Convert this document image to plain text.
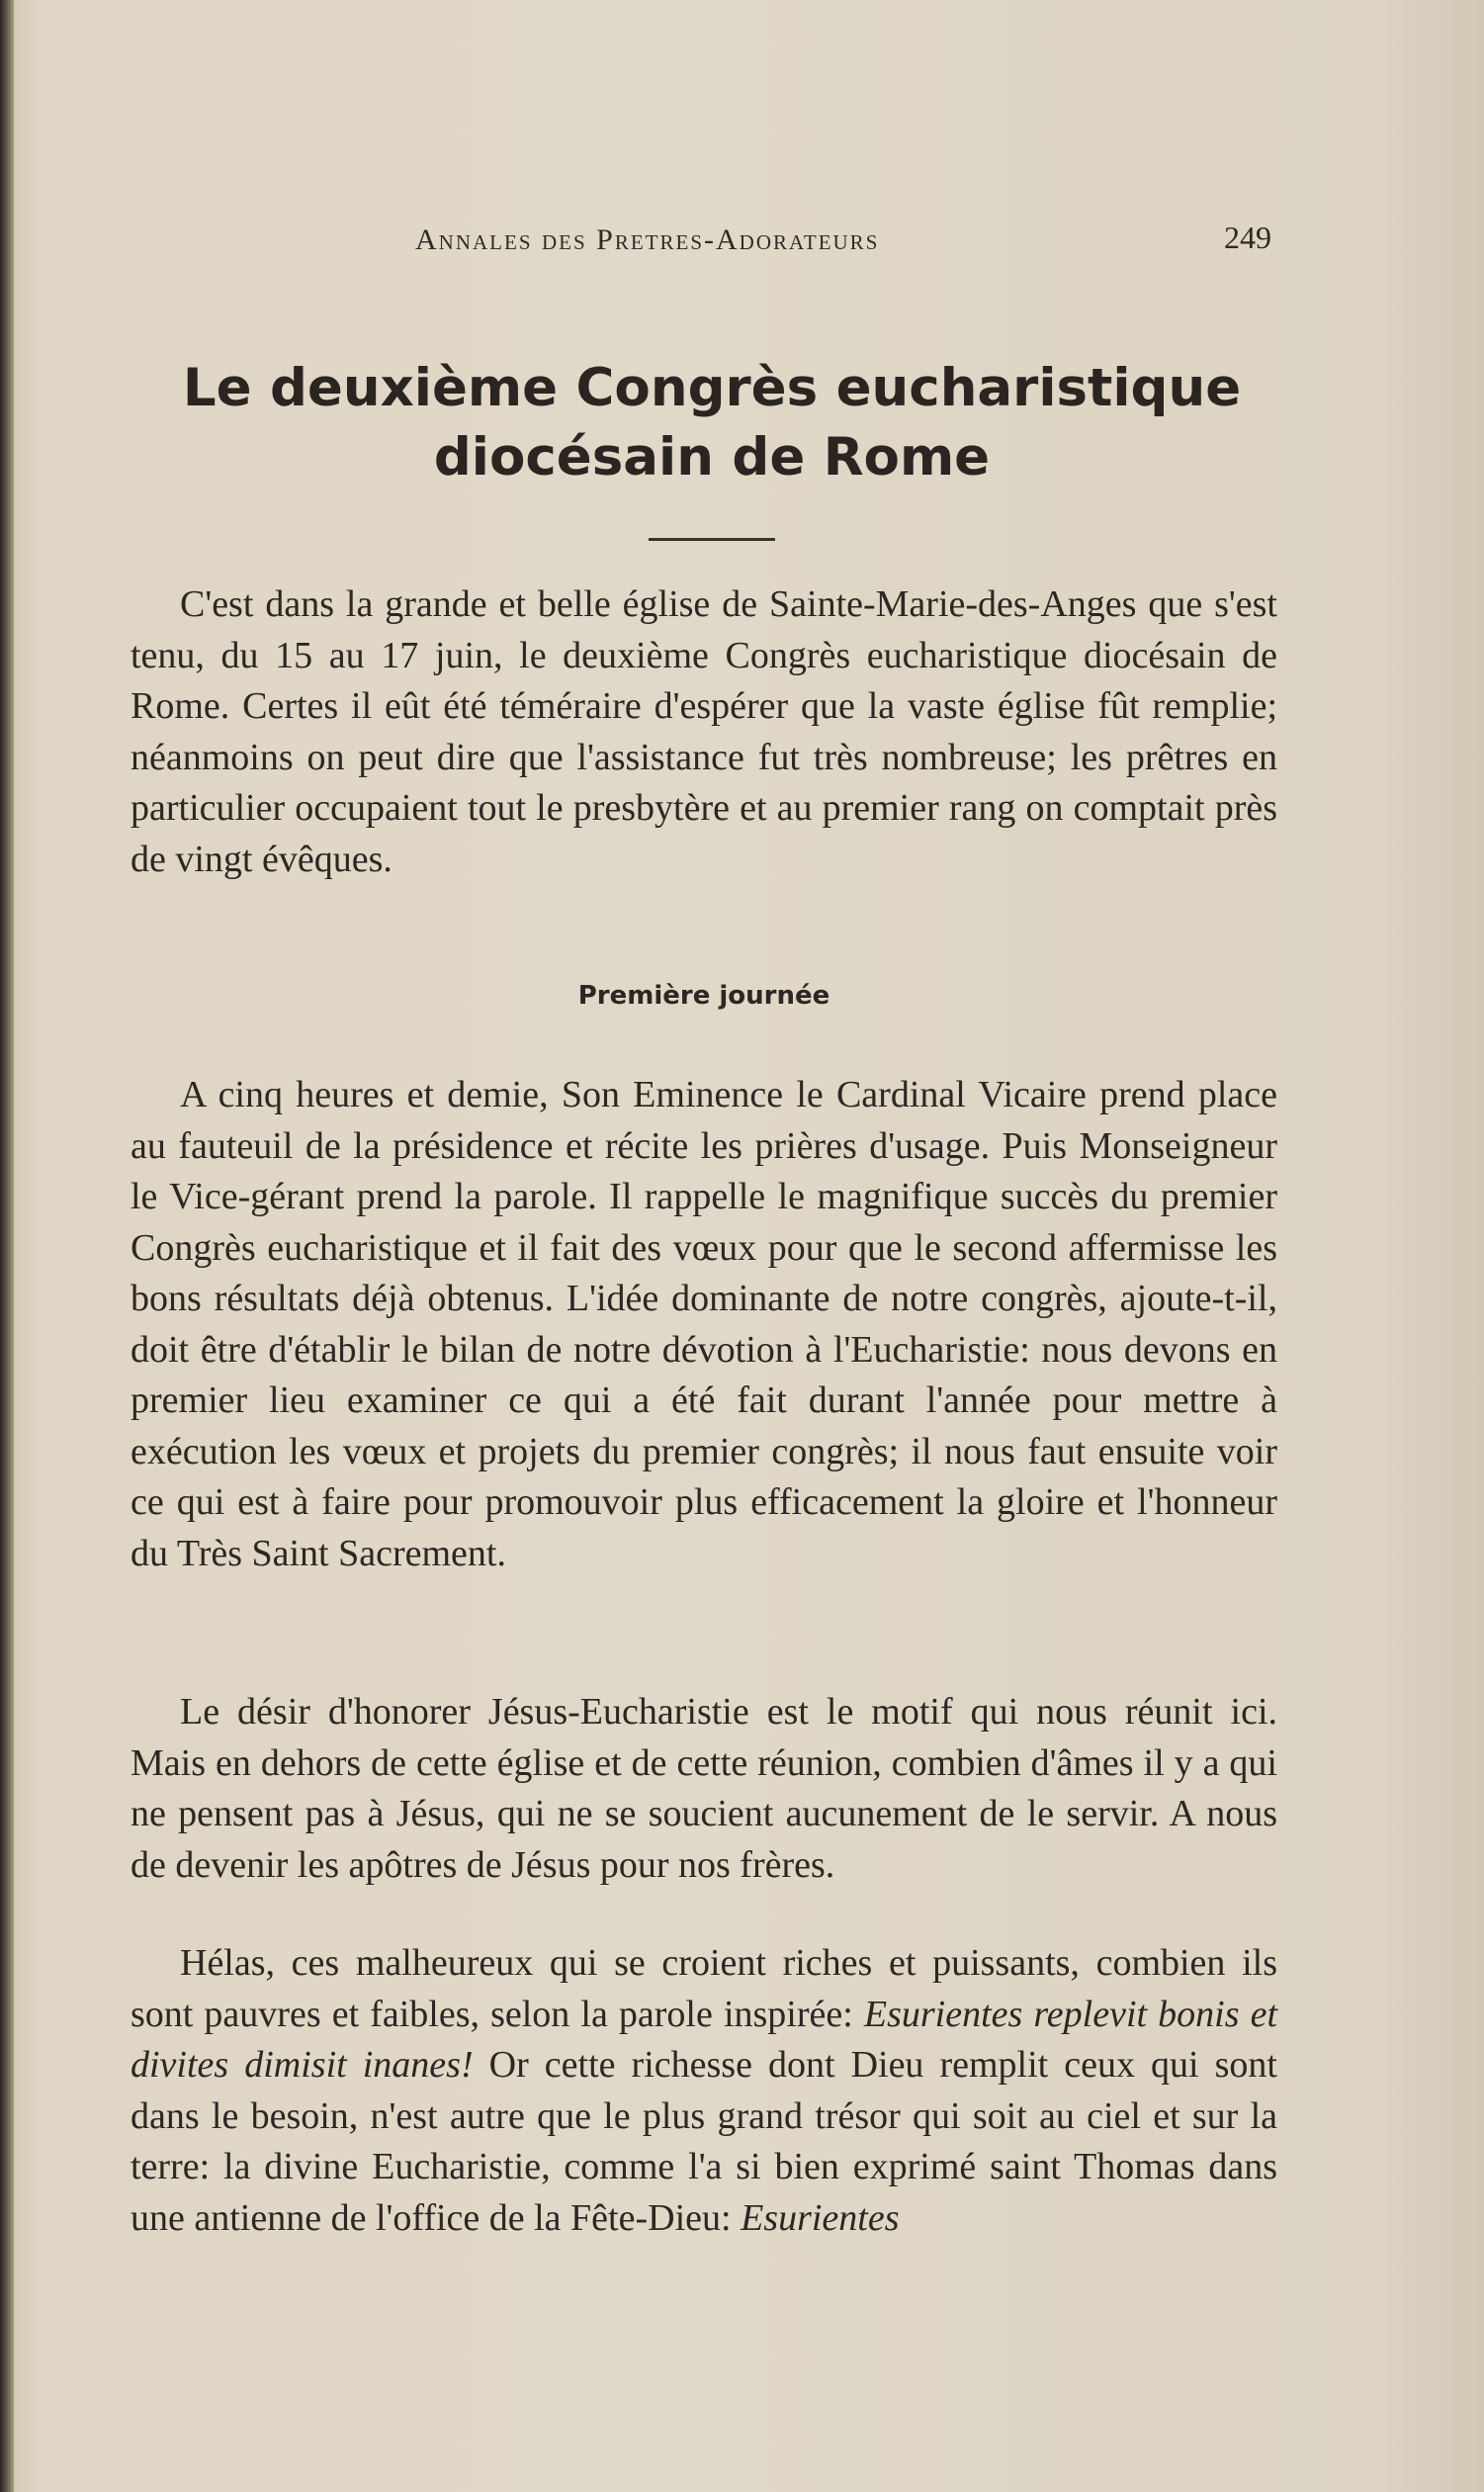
Annales des Pretres-Adorateurs	249
Le deuxième Congrès eucharistique
diocésain de Rome

C'est dans la grande et belle église de Sainte-Marie-des-Anges que s'est tenu, du 15 au 17 juin, le deuxième Congrès eucharistique diocésain de Rome. Certes il eût été téméraire d'espérer que la vaste église fût remplie; néanmoins on peut dire que l'assistance fut très nombreuse; les prêtres en particulier occupaient tout le presbytère et au premier rang on comptait près de vingt évêques.

Première journée

A cinq heures et demie, Son Eminence le Cardinal Vicaire prend place au fauteuil de la présidence et récite les prières d'usage. Puis Monseigneur le Vice-gérant prend la parole. Il rappelle le magnifique succès du premier Congrès eucharistique et il fait des vœux pour que le second affermisse les bons résultats déjà obtenus. L'idée dominante de notre congrès, ajoute-t-il, doit être d'établir le bilan de notre dévotion à l'Eucharistie: nous devons en premier lieu examiner ce qui a été fait durant l'année pour mettre à exécution les vœux et projets du premier congrès; il nous faut ensuite voir ce qui est à faire pour promouvoir plus efficacement la gloire et l'honneur du Très Saint Sacrement.

Le désir d'honorer Jésus-Eucharistie est le motif qui nous réunit ici. Mais en dehors de cette église et de cette réunion, combien d'âmes il y a qui ne pensent pas à Jésus, qui ne se soucient aucunement de le servir. A nous de devenir les apôtres de Jésus pour nos frères.

Hélas, ces malheureux qui se croient riches et puissants, combien ils sont pauvres et faibles, selon la parole inspirée: Esurientes replevit bonis et divites dimisit inanes! Or cette richesse dont Dieu remplit ceux qui sont dans le besoin, n'est autre que le plus grand trésor qui soit au ciel et sur la terre: la divine Eucharistie, comme l'a si bien exprimé saint Thomas dans une antienne de l'office de la Fête-Dieu: Esurientes
